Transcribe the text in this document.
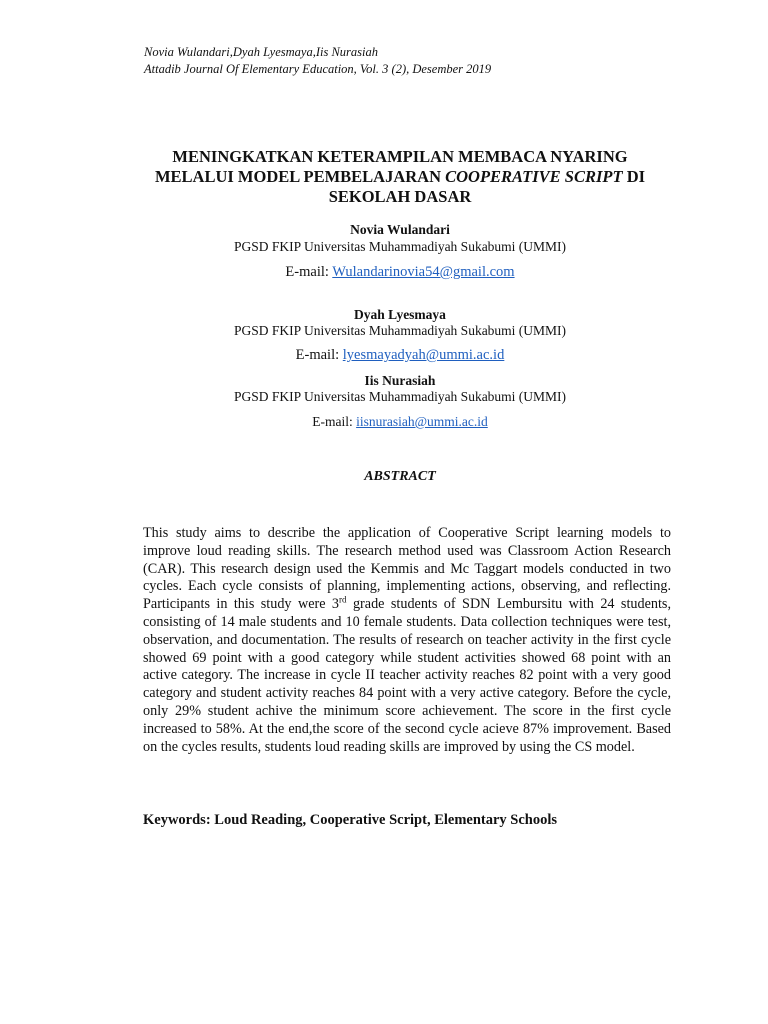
Novia Wulandari,Dyah Lyesmaya,Iis Nurasiah
Attadib Journal Of Elementary Education, Vol. 3 (2), Desember 2019
MENINGKATKAN KETERAMPILAN MEMBACA NYARING
MELALUI MODEL PEMBELAJARAN COOPERATIVE SCRIPT DI
SEKOLAH DASAR
Novia Wulandari
PGSD FKIP Universitas Muhammadiyah Sukabumi (UMMI)
E-mail: Wulandarinovia54@gmail.com
Dyah Lyesmaya
PGSD FKIP Universitas Muhammadiyah Sukabumi (UMMI)
E-mail: lyesmayadyah@ummi.ac.id
Iis Nurasiah
PGSD FKIP Universitas Muhammadiyah Sukabumi (UMMI)
E-mail: iisnurasiah@ummi.ac.id
ABSTRACT
This study aims to describe the application of Cooperative Script learning models to improve loud reading skills. The research method used was Classroom Action Research (CAR). This research design used the Kemmis and Mc Taggart models conducted in two cycles. Each cycle consists of planning, implementing actions, observing, and reflecting. Participants in this study were 3rd grade students of SDN Lembursitu with 24 students, consisting of 14 male students and 10 female students. Data collection techniques were test, observation, and documentation. The results of research on teacher activity in the first cycle showed 69 point with a good category while student activities showed 68 point with an active category. The increase in cycle II teacher activity reaches 82 point with a very good category and student activity reaches 84 point with a very active category. Before the cycle, only 29% student achive the minimum score achievement. The score in the first cycle increased to 58%. At the end,the score of the second cycle acieve 87% improvement. Based on the cycles results, students loud reading skills are improved by using the CS model.
Keywords: Loud Reading, Cooperative Script, Elementary Schools
